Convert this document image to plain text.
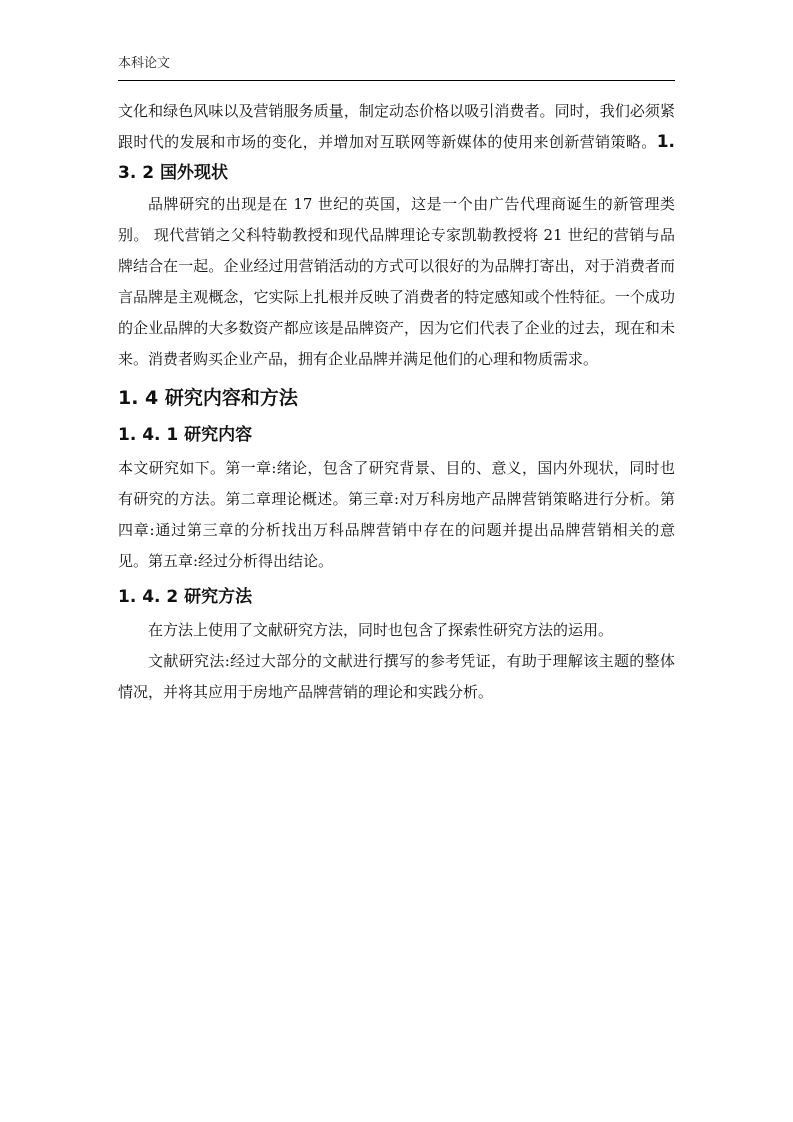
本科论文

文化和绿色风味以及营销服务质量，制定动态价格以吸引消费者。同时，我们必须紧跟时代的发展和市场的变化，并增加对互联网等新媒体的使用来创新营销策略。1. 3. 2 国外现状

品牌研究的出现是在 17 世纪的英国，这是一个由广告代理商诞生的新管理类别。 现代营销之父科特勒教授和现代品牌理论专家凯勒教授将 21 世纪的营销与品牌结合在一起。企业经过用营销活动的方式可以很好的为品牌打寄出，对于消费者而言品牌是主观概念，它实际上扎根并反映了消费者的特定感知或个性特征。一个成功的企业品牌的大多数资产都应该是品牌资产，因为它们代表了企业的过去，现在和未来。消费者购买企业产品，拥有企业品牌并满足他们的心理和物质需求。

1. 4 研究内容和方法
1. 4. 1 研究内容

本文研究如下。第一章:绪论，包含了研究背景、目的、意义，国内外现状，同时也有研究的方法。第二章理论概述。第三章:对万科房地产品牌营销策略进行分析。第四章:通过第三章的分析找出万科品牌营销中存在的问题并提出品牌营销相关的意见。第五章:经过分析得出结论。

1. 4. 2 研究方法

在方法上使用了文献研究方法，同时也包含了探索性研究方法的运用。

文献研究法:经过大部分的文献进行撰写的参考凭证，有助于理解该主题的整体情况，并将其应用于房地产品牌营销的理论和实践分析。
